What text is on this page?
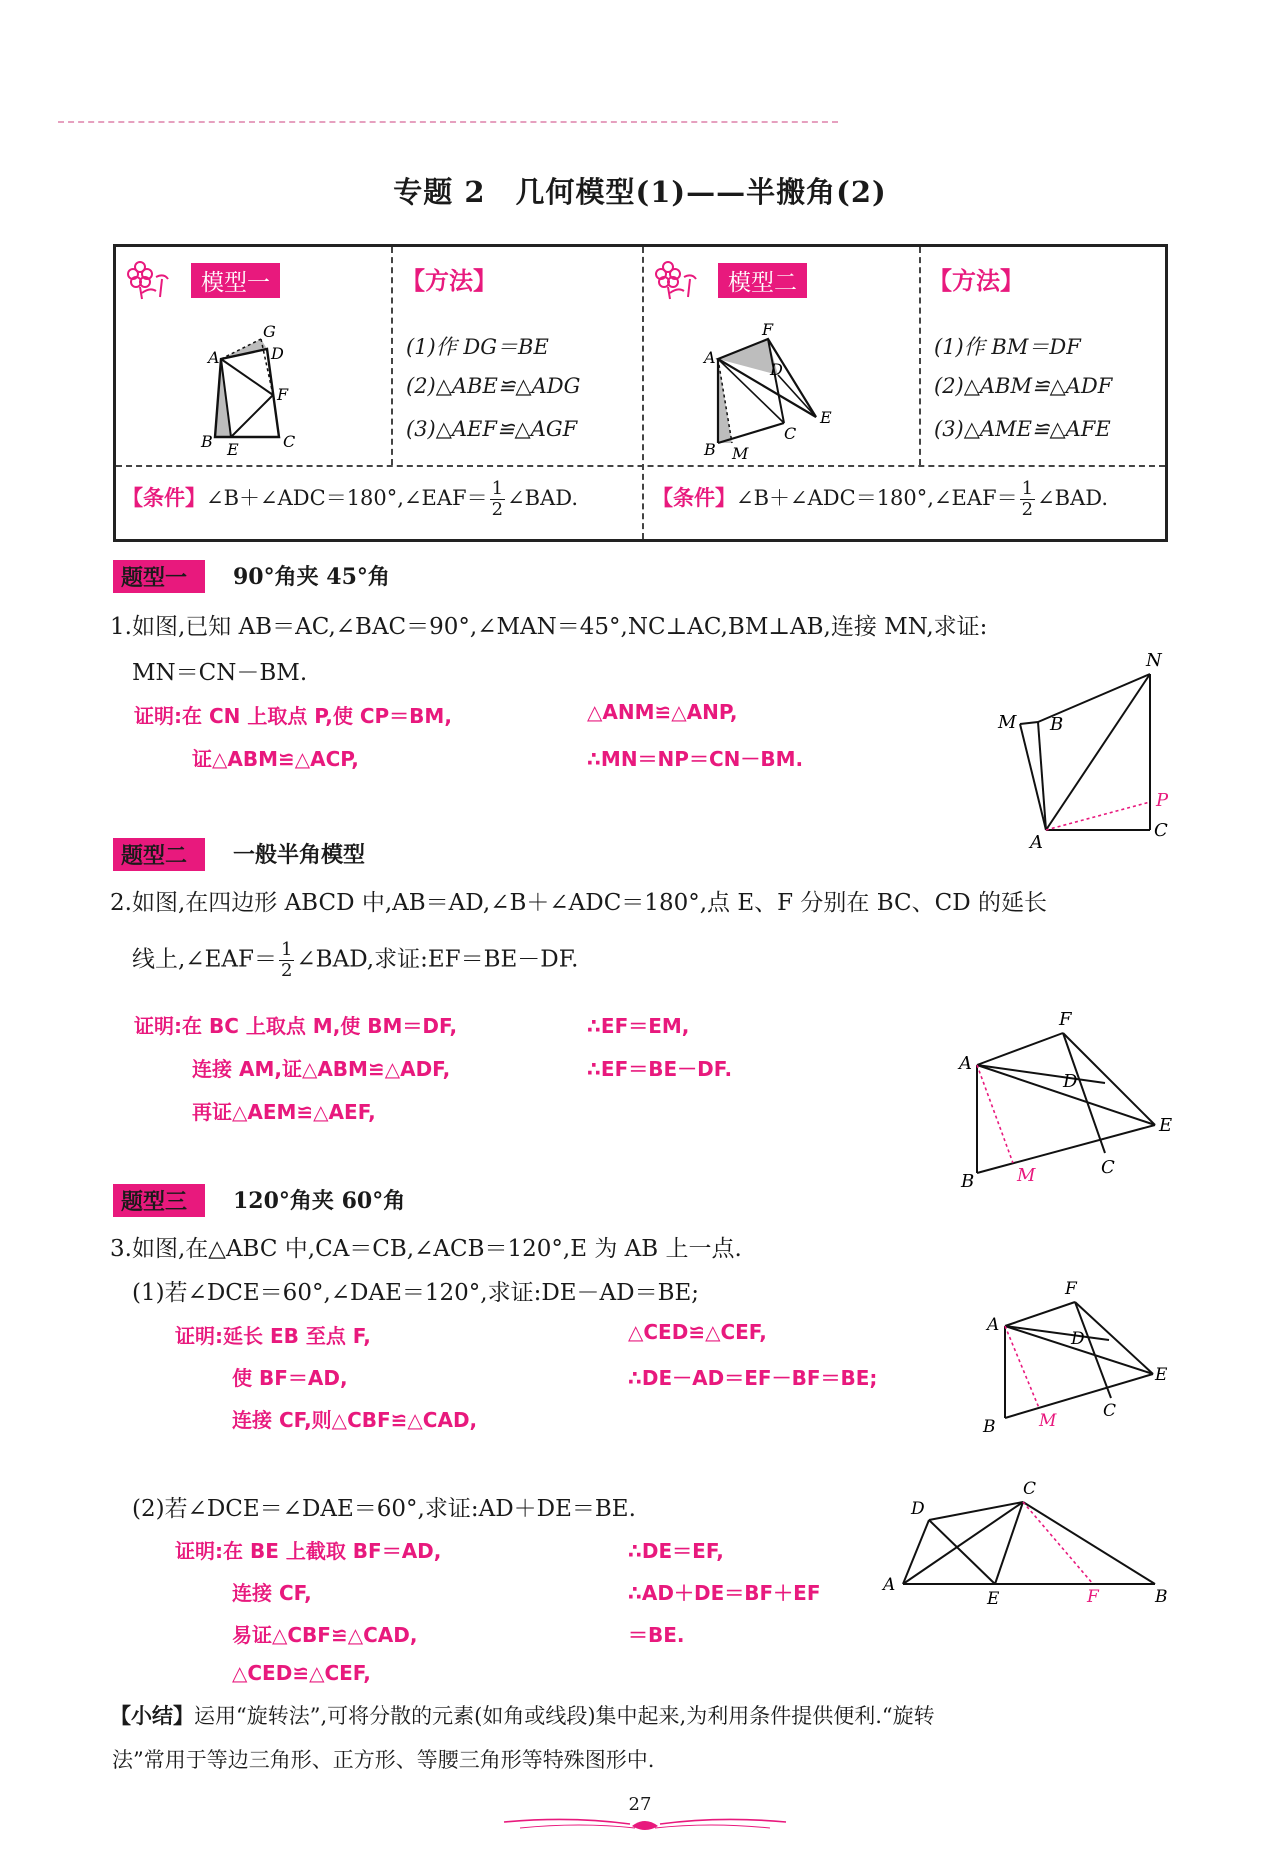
专题 2　几何模型(1)——半搬角(2)
模型一
A
B	C
D
E
F
G
【方法】
(1)作 DG＝BE
(2)△ABE≌△ADG
(3)△AEF≌△AGF
【条件】∠B＋∠ADC＝180°,∠EAF＝ $\frac{1}{2}$ ∠BAD.
模型二
A
B
C
D
E
F
M
【方法】
(1)作 BM＝DF
(2)△ABM≌△ADF
(3)△AME≌△AFE
【条件】∠B＋∠ADC＝180°,∠EAF＝ $\frac{1}{2}$ ∠BAD.
题型一	90°角夹 45°角
1.如图,已知 AB＝AC,∠BAC＝90°,∠MAN＝45°,NC⊥AC,BM⊥AB,连接 MN,求证:
MN＝CN－BM.
证明:在 CN 上取点 P,使 CP＝BM,
证△ABM≌△ACP,
△ANM≌△ANP,
∴MN＝NP＝CN－BM.
N
M B
P
A
C
题型二	一般半角模型
2.如图,在四边形 ABCD 中,AB＝AD,∠B＋∠ADC＝180°,点 E、F 分别在 BC、CD 的延长
线上,∠EAF＝ $\frac{1}{2}$ ∠BAD,求证:EF＝BE－DF.
证明:在 BC 上取点 M,使 BM＝DF,
连接 AM,证△ABM≌△ADF,
再证△AEM≌△AEF,
∴EF＝EM,
∴EF＝BE－DF.
F
A
D
E
C
B M
题型三	120°角夹 60°角
3.如图,在△ABC 中,CA＝CB,∠ACB＝120°,E 为 AB 上一点.
(1)若∠DCE＝60°,∠DAE＝120°,求证:DE－AD＝BE;
证明:延长 EB 至点 F,
使 BF＝AD,
连接 CF,则△CBF≌△CAD,
△CED≌△CEF,
∴DE－AD＝EF－BF＝BE;
F
A
D
E
C
B	M
(2)若∠DCE＝∠DAE＝60°,求证:AD＋DE＝BE.
证明:在 BE 上截取 BF＝AD,
连接 CF,
易证△CBF≌△CAD,
△CED≌△CEF,
∴DE＝EF,
∴AD＋DE＝BF＋EF
＝BE.
D
C
A
E	F	B
【小结】运用“旋转法”,可将分散的元素(如角或线段)集中起来,为利用条件提供便利.“旋转
法”常用于等边三角形、正方形、等腰三角形等特殊图形中.
27
